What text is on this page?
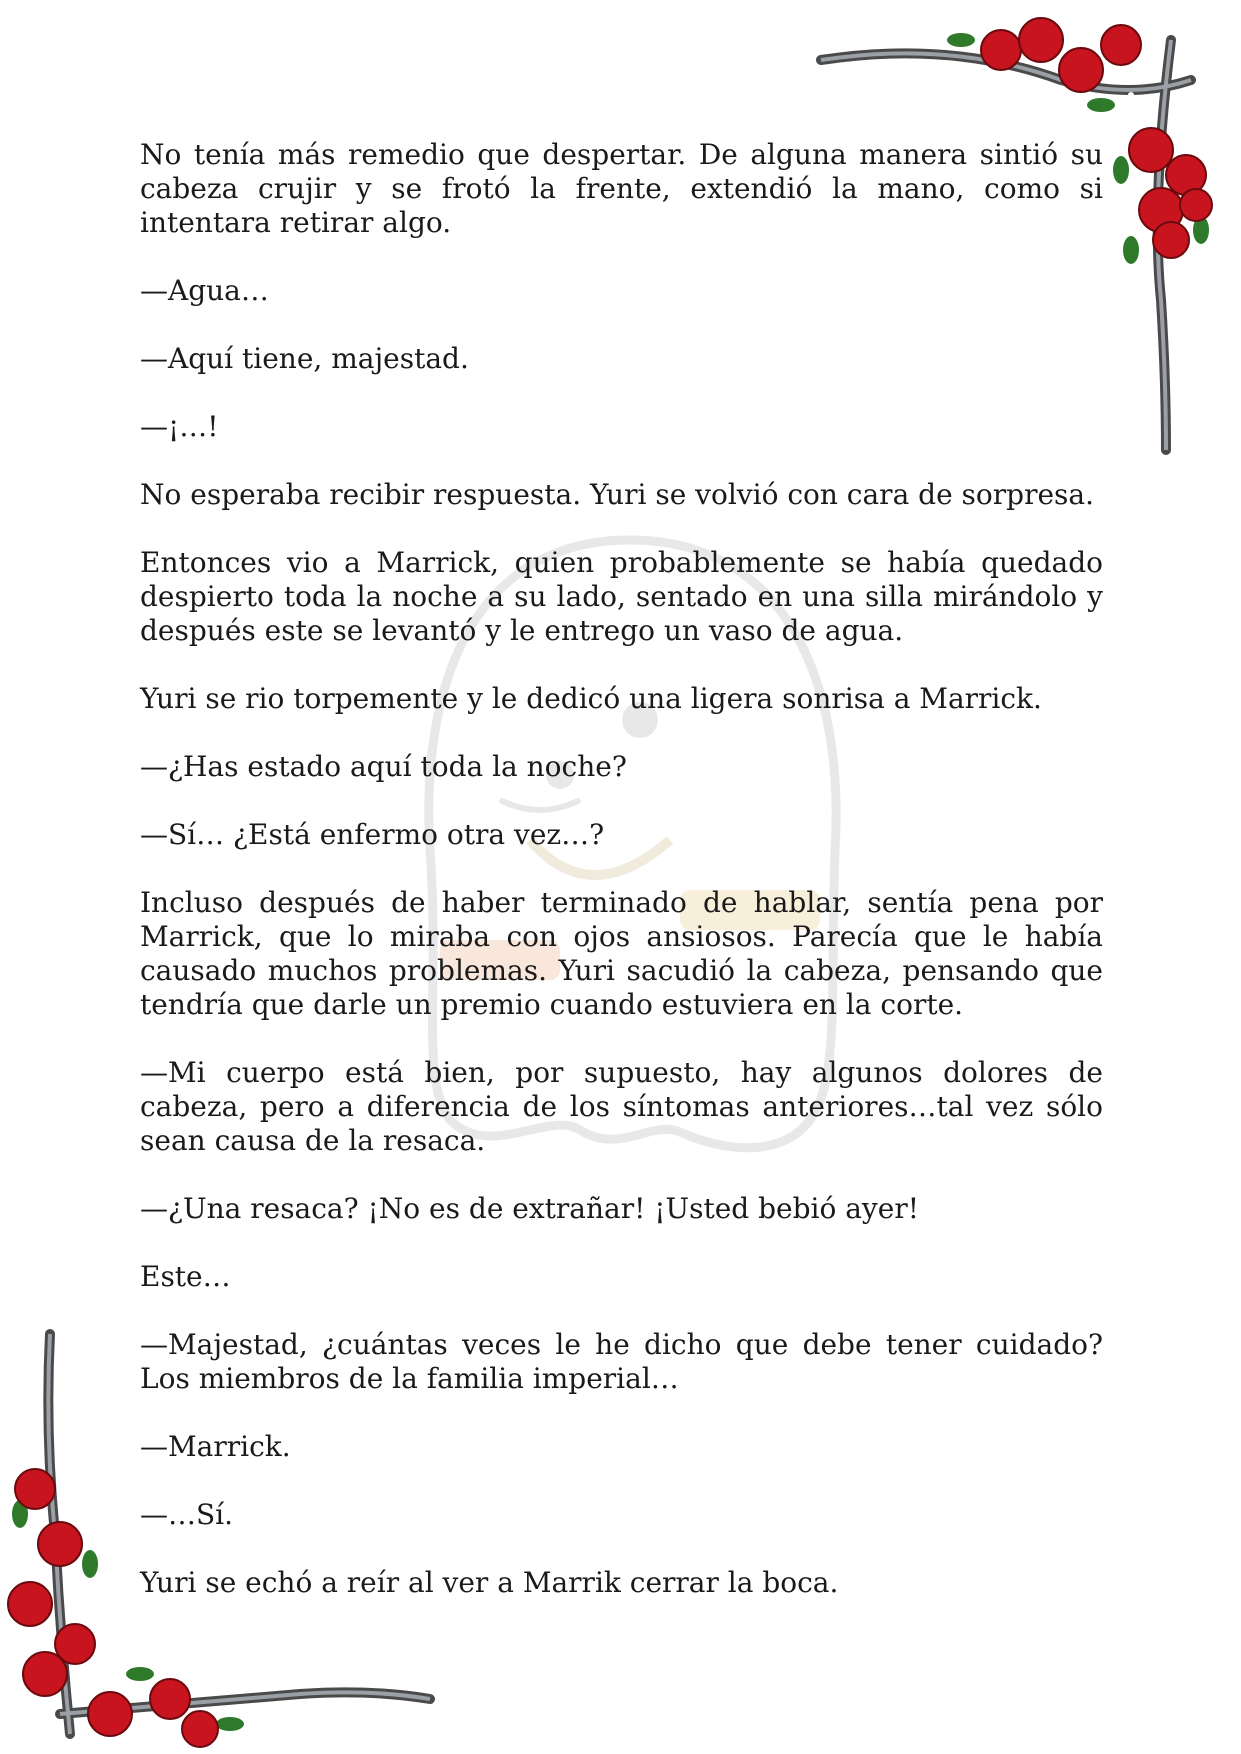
No tenía más remedio que despertar. De alguna manera sintió su cabeza crujir y se frotó la frente, extendió la mano, como si intentara retirar algo.

—Agua…

—Aquí tiene, majestad.

—¡…!

No esperaba recibir respuesta. Yuri se volvió con cara de sorpresa.

Entonces vio a Marrick, quien probablemente se había quedado despierto toda la noche a su lado, sentado en una silla mirándolo y después este se levantó y le entrego un vaso de agua.

Yuri se rio torpemente y le dedicó una ligera sonrisa a Marrick.

—¿Has estado aquí toda la noche?

—Sí… ¿Está enfermo otra vez…?

Incluso después de haber terminado de hablar, sentía pena por Marrick, que lo miraba con ojos ansiosos. Parecía que le había causado muchos problemas. Yuri sacudió la cabeza, pensando que tendría que darle un premio cuando estuviera en la corte.

—Mi cuerpo está bien, por supuesto, hay algunos dolores de cabeza, pero a diferencia de los síntomas anteriores…tal vez sólo sean causa de la resaca.

—¿Una resaca? ¡No es de extrañar! ¡Usted bebió ayer!

Este…

—Majestad, ¿cuántas veces le he dicho que debe tener cuidado? Los miembros de la familia imperial…

—Marrick.

—…Sí.

Yuri se echó a reír al ver a Marrik cerrar la boca.
